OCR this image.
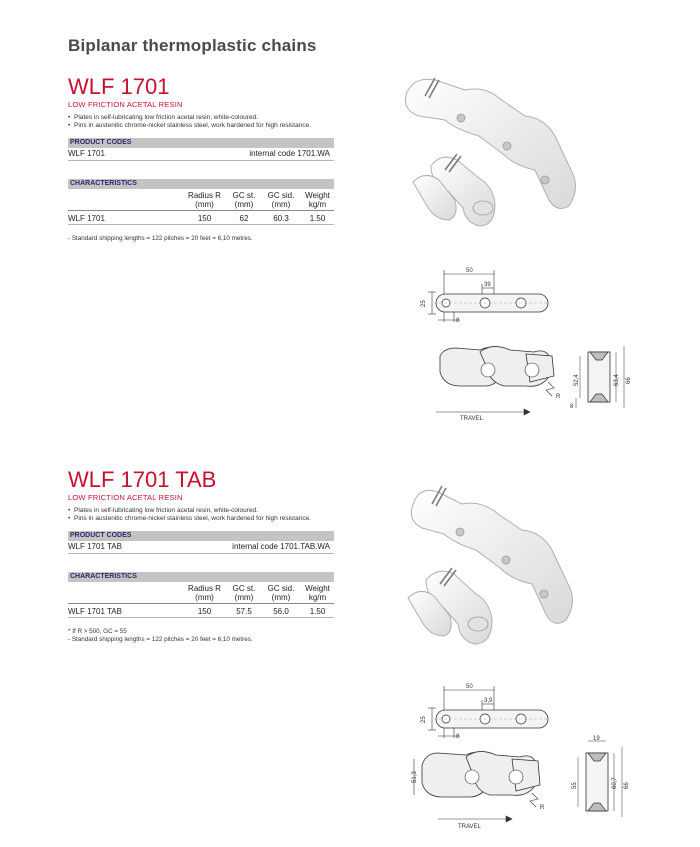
Biplanar thermoplastic chains
WLF 1701
LOW FRICTION ACETAL RESIN
• Plates in self-lubricating low friction acetal resin, white-coloured.
• Pins in austenitic chrome-nickel stainless steel, work hardened for high resistance.
PRODUCT CODES
WLF 1701	internal code 1701.WA
CHARACTERISTICS
	Radius R (mm)	GC st. (mm)	GC sid. (mm)	Weight kg/m
WLF 1701	150	62	60.3	1.50
- Standard shipping lengths = 122 pitches = 20 feet = 6,10 metres.
WLF 1701 TAB
LOW FRICTION ACETAL RESIN
• Plates in self-lubricating low friction acetal resin, white-coloured.
• Pins in austenitic chrome-nickel stainless steel, work hardened for high resistance.
PRODUCT CODES
WLF 1701 TAB	internal code 1701.TAB.WA
CHARACTERISTICS
	Radius R (mm)	GC st. (mm)	GC sid. (mm)	Weight kg/m
WLF 1701 TAB	150	57.5	56.0	1.50
* If R > 500, GC = 55
- Standard shipping lengths = 122 pitches = 20 feet = 6,10 metres.
50
39
25
8
TRAVEL
R
52,4	63,4 66
8
50
3,9
25
8	19
51,3
TRAVEL
R
55	60,7 66
